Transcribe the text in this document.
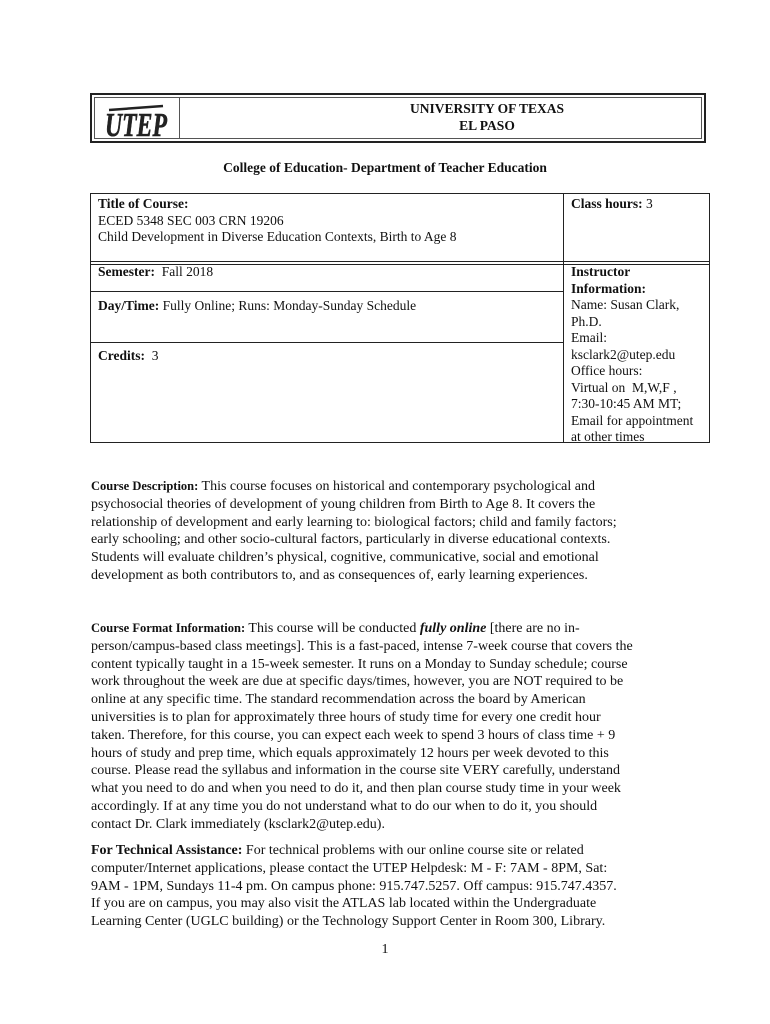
UTEP	UNIVERSITY OF TEXAS
EL PASO
College of Education- Department of Teacher Education
Title of Course:
ECED 5348 SEC 003 CRN 19206
Child Development in Diverse Education Contexts, Birth to Age 8
Class hours: 3
Semester:  Fall 2018
Day/Time: Fully Online; Runs: Monday-Sunday Schedule
Credits:  3
Instructor
Information:
Name: Susan Clark,
Ph.D.
Email:
ksclark2@utep.edu
Office hours:
Virtual on  M,W,F ,
7:30-10:45 AM MT;
Email for appointment
at other times
Course Description: This course focuses on historical and contemporary psychological and
psychosocial theories of development of young children from Birth to Age 8. It covers the
relationship of development and early learning to: biological factors; child and family factors;
early schooling; and other socio-cultural factors, particularly in diverse educational contexts.
Students will evaluate children’s physical, cognitive, communicative, social and emotional
development as both contributors to, and as consequences of, early learning experiences.
Course Format Information: This course will be conducted fully online [there are no in-
person/campus-based class meetings]. This is a fast-paced, intense 7-week course that covers the
content typically taught in a 15-week semester. It runs on a Monday to Sunday schedule; course
work throughout the week are due at specific days/times, however, you are NOT required to be
online at any specific time. The standard recommendation across the board by American
universities is to plan for approximately three hours of study time for every one credit hour
taken. Therefore, for this course, you can expect each week to spend 3 hours of class time + 9
hours of study and prep time, which equals approximately 12 hours per week devoted to this
course. Please read the syllabus and information in the course site VERY carefully, understand
what you need to do and when you need to do it, and then plan course study time in your week
accordingly. If at any time you do not understand what to do our when to do it, you should
contact Dr. Clark immediately (ksclark2@utep.edu).
For Technical Assistance: For technical problems with our online course site or related
computer/Internet applications, please contact the UTEP Helpdesk: M - F: 7AM - 8PM, Sat:
9AM - 1PM, Sundays 11-4 pm. On campus phone: 915.747.5257. Off campus: 915.747.4357.
If you are on campus, you may also visit the ATLAS lab located within the Undergraduate
Learning Center (UGLC building) or the Technology Support Center in Room 300, Library.
1
